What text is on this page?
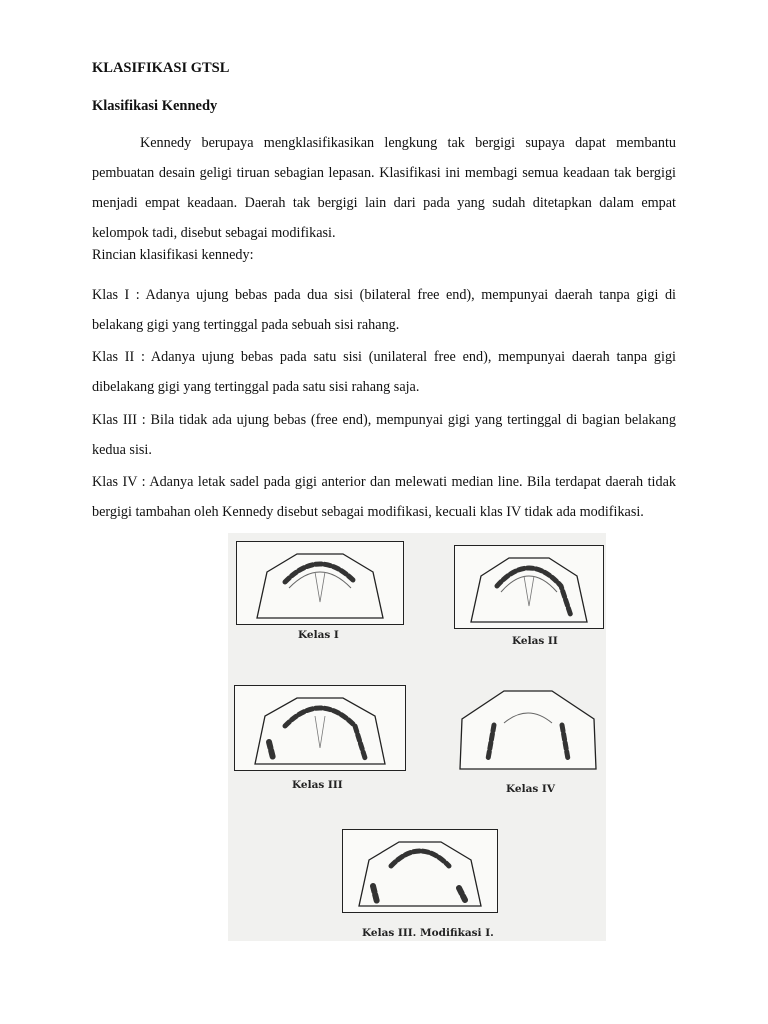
KLASIFIKASI GTSL
Klasifikasi Kennedy
Kennedy berupaya mengklasifikasikan lengkung tak bergigi supaya dapat membantu pembuatan desain geligi tiruan sebagian lepasan. Klasifikasi ini membagi semua keadaan tak bergigi menjadi empat keadaan. Daerah tak bergigi lain dari pada yang sudah ditetapkan dalam empat kelompok tadi, disebut sebagai modifikasi.
Rincian klasifikasi kennedy:
Klas I : Adanya ujung bebas pada dua sisi (bilateral free end), mempunyai daerah tanpa gigi di belakang gigi yang tertinggal pada sebuah sisi rahang.
Klas II : Adanya ujung bebas pada satu sisi (unilateral free end), mempunyai daerah tanpa gigi dibelakang gigi yang tertinggal pada satu sisi rahang saja.
Klas III : Bila tidak ada ujung bebas (free end), mempunyai gigi yang tertinggal di bagian belakang kedua sisi.
Klas IV : Adanya letak sadel pada gigi anterior dan melewati median line. Bila terdapat daerah tidak bergigi tambahan oleh Kennedy disebut sebagai modifikasi, kecuali klas IV tidak ada modifikasi.
Kelas I	Kelas II
Kelas III	Kelas IV
Kelas III. Modifikasi I.
